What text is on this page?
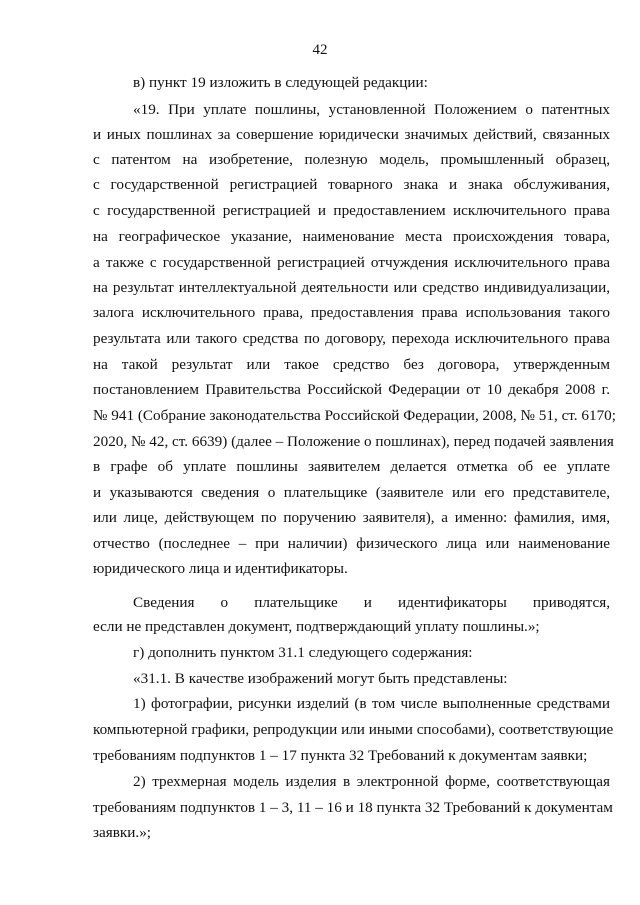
42
в) пункт 19 изложить в следующей редакции:
«19. При уплате пошлины, установленной Положением о патентных
и иных пошлинах за совершение юридически значимых действий, связанных
с патентом на изобретение, полезную модель, промышленный образец,
с государственной регистрацией товарного знака и знака обслуживания,
с государственной регистрацией и предоставлением исключительного права
на географическое указание, наименование места происхождения товара,
а также с государственной регистрацией отчуждения исключительного права
на результат интеллектуальной деятельности или средство индивидуализации,
залога исключительного права, предоставления права использования такого
результата или такого средства по договору, перехода исключительного права
на такой результат или такое средство без договора, утвержденным
постановлением Правительства Российской Федерации от 10 декабря 2008 г.
№ 941 (Собрание законодательства Российской Федерации, 2008, № 51, ст. 6170;
2020, № 42, ст. 6639) (далее – Положение о пошлинах), перед подачей заявления
в графе об уплате пошлины заявителем делается отметка об ее уплате
и указываются сведения о плательщике (заявителе или его представителе,
или лице, действующем по поручению заявителя), а именно: фамилия, имя,
отчество (последнее – при наличии) физического лица или наименование
юридического лица и идентификаторы.
Сведения о плательщике и идентификаторы приводятся,
если не представлен документ, подтверждающий уплату пошлины.»;
г) дополнить пунктом 31.1 следующего содержания:
«31.1. В качестве изображений могут быть представлены:
1) фотографии, рисунки изделий (в том числе выполненные средствами
компьютерной графики, репродукции или иными способами), соответствующие
требованиям подпунктов 1 – 17 пункта 32 Требований к документам заявки;
2) трехмерная модель изделия в электронной форме, соответствующая
требованиям подпунктов 1 – 3, 11 – 16 и 18 пункта 32 Требований к документам
заявки.»;
